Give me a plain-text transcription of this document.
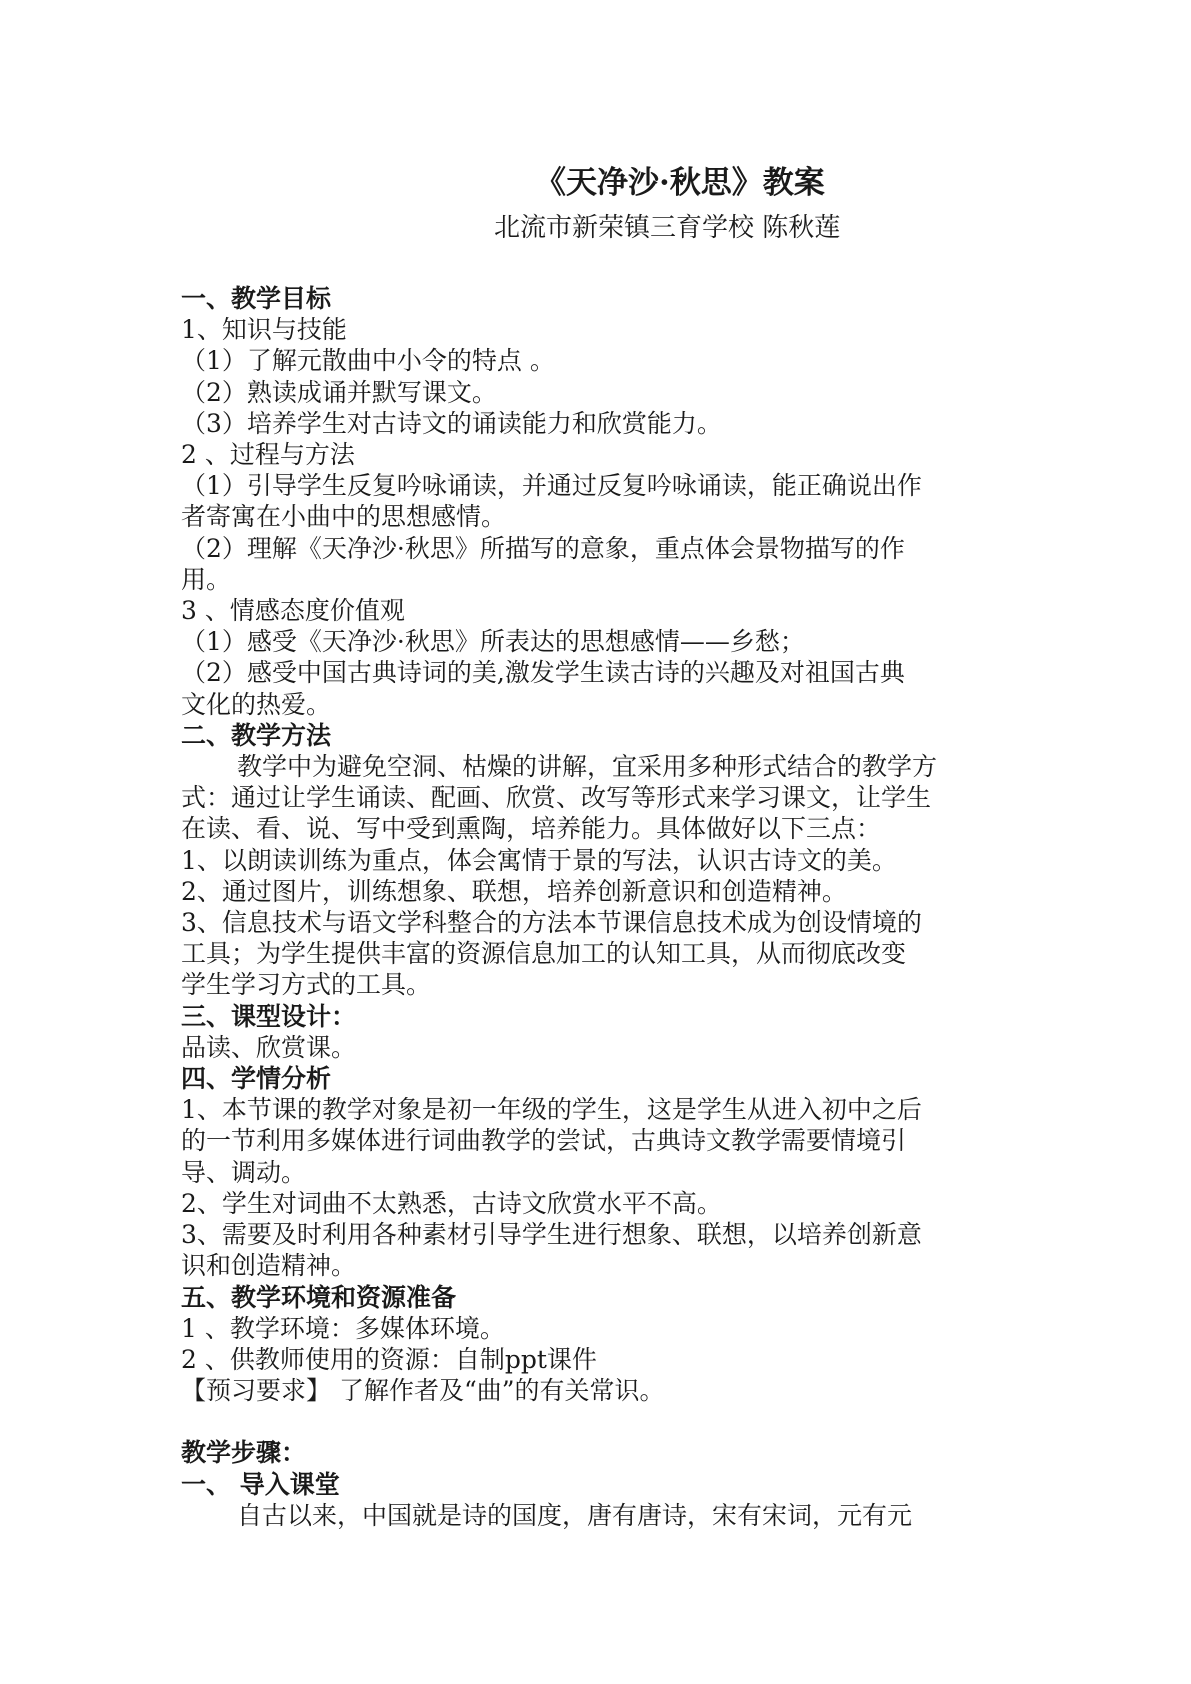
《天净沙·秋思》教案
北流市新荣镇三育学校 陈秋莲
一、教学目标
1、知识与技能
（1）了解元散曲中小令的特点 。
（2）熟读成诵并默写课文。
（3）培养学生对古诗文的诵读能力和欣赏能力。
2 、过程与方法
（1）引导学生反复吟咏诵读，并通过反复吟咏诵读，能正确说出作
者寄寓在小曲中的思想感情。
（2）理解《天净沙·秋思》所描写的意象，重点体会景物描写的作
用。
3 、情感态度价值观
（1）感受《天净沙·秋思》所表达的思想感情——乡愁；
（2）感受中国古典诗词的美,激发学生读古诗的兴趣及对祖国古典
文化的热爱。
二、教学方法
教学中为避免空洞、枯燥的讲解，宜采用多种形式结合的教学方
式：通过让学生诵读、配画、欣赏、改写等形式来学习课文，让学生
在读、看、说、写中受到熏陶，培养能力。具体做好以下三点：
1、以朗读训练为重点，体会寓情于景的写法，认识古诗文的美。
2、通过图片，训练想象、联想，培养创新意识和创造精神。
3、信息技术与语文学科整合的方法本节课信息技术成为创设情境的
工具；为学生提供丰富的资源信息加工的认知工具，从而彻底改变
学生学习方式的工具。
三、课型设计：
品读、欣赏课。
四、学情分析
1、本节课的教学对象是初一年级的学生，这是学生从进入初中之后
的一节利用多媒体进行词曲教学的尝试，古典诗文教学需要情境引
导、调动。
2、学生对词曲不太熟悉，古诗文欣赏水平不高。
3、需要及时利用各种素材引导学生进行想象、联想，以培养创新意
识和创造精神。
五、教学环境和资源准备
1 、教学环境：多媒体环境。
2 、供教师使用的资源：自制ppt课件
【预习要求】 了解作者及“曲”的有关常识。
教学步骤：
一、 导入课堂
自古以来，中国就是诗的国度，唐有唐诗，宋有宋词，元有元
